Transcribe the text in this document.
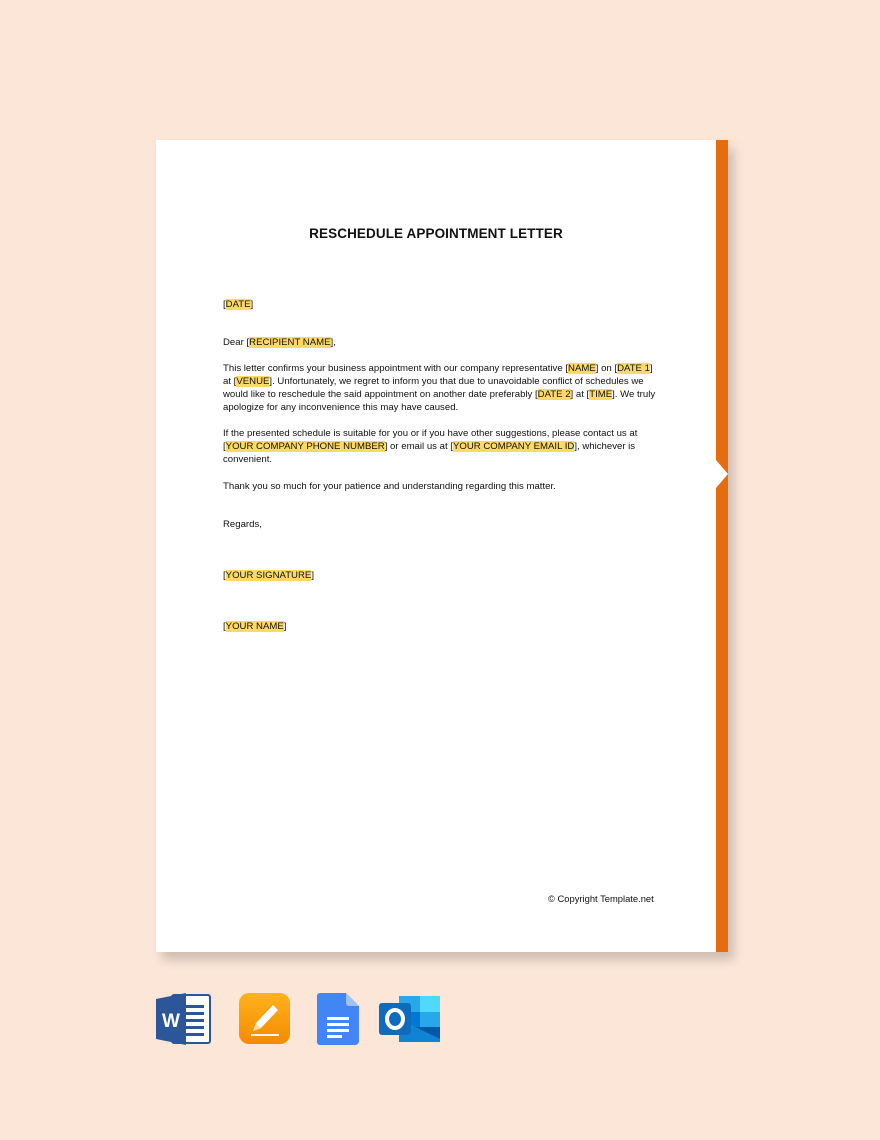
RESCHEDULE APPOINTMENT LETTER
[DATE]
Dear [RECIPIENT NAME],
This letter confirms your business appointment with our company representative [NAME] on [DATE 1] at [VENUE]. Unfortunately, we regret to inform you that due to unavoidable conflict of schedules we would like to reschedule the said appointment on another date preferably [DATE 2] at [TIME]. We truly apologize for any inconvenience this may have caused.
If the presented schedule is suitable for you or if you have other suggestions, please contact us at [YOUR COMPANY PHONE NUMBER] or email us at [YOUR COMPANY EMAIL ID], whichever is convenient.
Thank you so much for your patience and understanding regarding this matter.
Regards,
[YOUR SIGNATURE]
[YOUR NAME]
© Copyright Template.net
W
